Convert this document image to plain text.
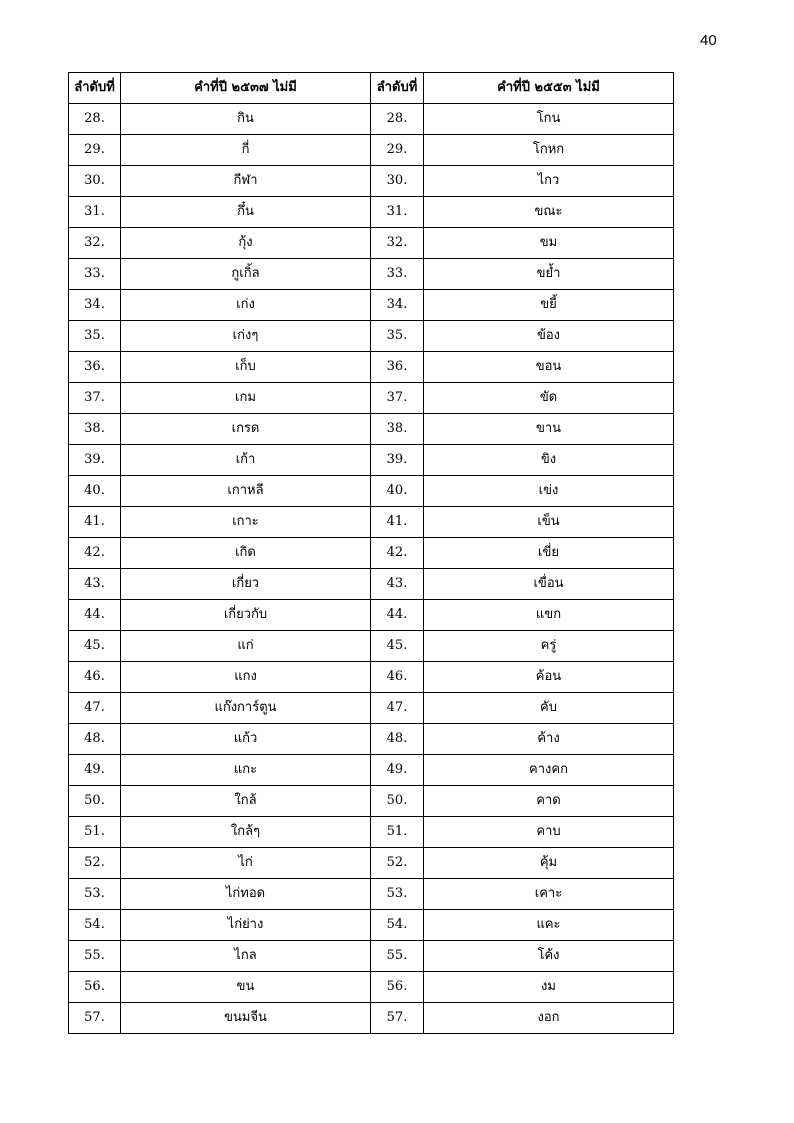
40
ลำดับที่	คำที่ปี ๒๕๓๗ ไม่มี	ลำดับที่	คำที่ปี ๒๕๕๓ ไม่มี
28.	กิน	28.	โกน
29.	กี่	29.	โกหก
30.	กีฬา	30.	ไกว
31.	กึ๋น	31.	ขณะ
32.	กุ้ง	32.	ขม
33.	กูเกิ้ล	33.	ขย้ำ
34.	เก่ง	34.	ขยี้
35.	เก่งๆ	35.	ข้อง
36.	เก็บ	36.	ขอน
37.	เกม	37.	ขัด
38.	เกรด	38.	ขาน
39.	เก้า	39.	ขิง
40.	เกาหลี	40.	เข่ง
41.	เกาะ	41.	เข็น
42.	เกิด	42.	เขี่ย
43.	เกี่ยว	43.	เขื่อน
44.	เกี่ยวกับ	44.	แขก
45.	แก่	45.	ครู่
46.	แกง	46.	ค้อน
47.	แก๊งการ์ตูน	47.	คับ
48.	แก้ว	48.	ค้าง
49.	แกะ	49.	คางคก
50.	ใกล้	50.	คาด
51.	ใกล้ๆ	51.	คาบ
52.	ไก่	52.	คุ้ม
53.	ไก่ทอด	53.	เคาะ
54.	ไก่ย่าง	54.	แคะ
55.	ไกล	55.	โค้ง
56.	ขน	56.	งม
57.	ขนมจีน	57.	งอก
